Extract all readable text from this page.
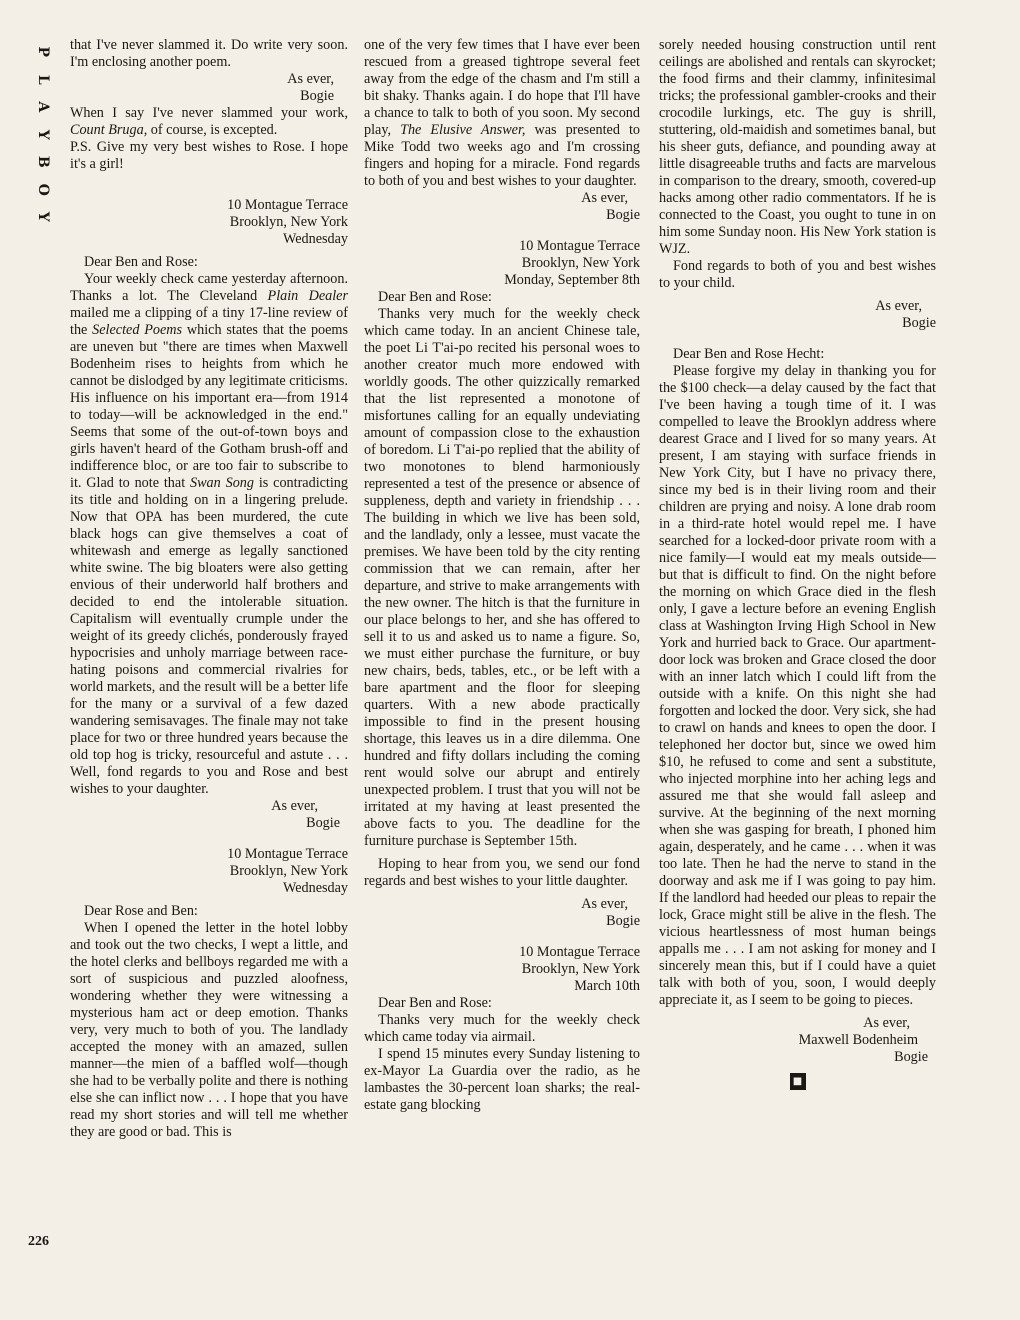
P
L
A
Y
B
O
Y
226

that I've never slammed it. Do write very soon. I'm enclosing another poem.

As ever,
Bogie

When I say I've never slammed your work, Count Bruga, of course, is excepted.

P.S. Give my very best wishes to Rose. I hope it's a girl!

10 Montague Terrace
Brooklyn, New York
Wednesday

Dear Ben and Rose:

Your weekly check came yesterday afternoon. Thanks a lot. The Cleveland Plain Dealer mailed me a clipping of a tiny 17-line review of the Selected Poems which states that the poems are uneven but "there are times when Maxwell Bodenheim rises to heights from which he cannot be dislodged by any legitimate criticisms. His influence on his important era—from 1914 to today—will be acknowledged in the end." Seems that some of the out-of-town boys and girls haven't heard of the Gotham brush-off and indifference bloc, or are too fair to subscribe to it. Glad to note that Swan Song is contradicting its title and holding on in a lingering prelude. Now that OPA has been murdered, the cute black hogs can give themselves a coat of whitewash and emerge as legally sanctioned white swine. The big bloaters were also getting envious of their underworld half brothers and decided to end the intolerable situation. Capitalism will eventually crumple under the weight of its greedy clichés, ponderously frayed hypocrisies and unholy marriage between race-hating poisons and commercial rivalries for world markets, and the result will be a better life for the many or a survival of a few dazed wandering semisavages. The finale may not take place for two or three hundred years because the old top hog is tricky, resourceful and astute . . . Well, fond regards to you and Rose and best wishes to your daughter.

As ever,
Bogie
10 Montague Terrace
Brooklyn, New York
Wednesday

Dear Rose and Ben:

When I opened the letter in the hotel lobby and took out the two checks, I wept a little, and the hotel clerks and bellboys regarded me with a sort of suspicious and puzzled aloofness, wondering whether they were witnessing a mysterious ham act or deep emotion. Thanks very, very much to both of you. The landlady accepted the money with an amazed, sullen manner—the mien of a baffled wolf—though she had to be verbally polite and there is nothing else she can inflict now . . . I hope that you have read my short stories and will tell me whether they are good or bad. This is

one of the very few times that I have ever been rescued from a greased tightrope several feet away from the edge of the chasm and I'm still a bit shaky. Thanks again. I do hope that I'll have a chance to talk to both of you soon. My second play, The Elusive Answer, was presented to Mike Todd two weeks ago and I'm crossing fingers and hoping for a miracle. Fond regards to both of you and best wishes to your daughter.

As ever,
Bogie
10 Montague Terrace
Brooklyn, New York
Monday, September 8th

Dear Ben and Rose:

Thanks very much for the weekly check which came today. In an ancient Chinese tale, the poet Li T'ai-po recited his personal woes to another creator much more endowed with worldly goods. The other quizzically remarked that the list represented a monotone of misfortunes calling for an equally undeviating amount of compassion close to the exhaustion of boredom. Li T'ai-po replied that the ability of two monotones to blend harmoniously represented a test of the presence or absence of suppleness, depth and variety in friendship . . . The building in which we live has been sold, and the landlady, only a lessee, must vacate the premises. We have been told by the city renting commission that we can remain, after her departure, and strive to make arrangements with the new owner. The hitch is that the furniture in our place belongs to her, and she has offered to sell it to us and asked us to name a figure. So, we must either purchase the furniture, or buy new chairs, beds, tables, etc., or be left with a bare apartment and the floor for sleeping quarters. With a new abode practically impossible to find in the present housing shortage, this leaves us in a dire dilemma. One hundred and fifty dollars including the coming rent would solve our abrupt and entirely unexpected problem. I trust that you will not be irritated at my having at least presented the above facts to you. The deadline for the furniture purchase is September 15th.

Hoping to hear from you, we send our fond regards and best wishes to your little daughter.

As ever,
Bogie
10 Montague Terrace
Brooklyn, New York
March 10th

Dear Ben and Rose:

Thanks very much for the weekly check which came today via airmail.

I spend 15 minutes every Sunday listening to ex-Mayor La Guardia over the radio, as he lambastes the 30-percent loan sharks; the real-estate gang blocking

sorely needed housing construction until rent ceilings are abolished and rentals can skyrocket; the food firms and their clammy, infinitesimal tricks; the professional gambler-crooks and their crocodile lurkings, etc. The guy is shrill, stuttering, old-maidish and sometimes banal, but his sheer guts, defiance, and pounding away at little disagreeable truths and facts are marvelous in comparison to the dreary, smooth, covered-up hacks among other radio commentators. If he is connected to the Coast, you ought to tune in on him some Sunday noon. His New York station is WJZ.

Fond regards to both of you and best wishes to your child.

As ever,
Bogie

Dear Ben and Rose Hecht:

Please forgive my delay in thanking you for the $100 check—a delay caused by the fact that I've been having a tough time of it. I was compelled to leave the Brooklyn address where dearest Grace and I lived for so many years. At present, I am staying with surface friends in New York City, but I have no privacy there, since my bed is in their living room and their children are prying and noisy. A lone drab room in a third-rate hotel would repel me. I have searched for a locked-door private room with a nice family—I would eat my meals outside—but that is difficult to find. On the night before the morning on which Grace died in the flesh only, I gave a lecture before an evening English class at Washington Irving High School in New York and hurried back to Grace. Our apartment-door lock was broken and Grace closed the door with an inner latch which I could lift from the outside with a knife. On this night she had forgotten and locked the door. Very sick, she had to crawl on hands and knees to open the door. I telephoned her doctor but, since we owed him $10, he refused to come and sent a substitute, who injected morphine into her aching legs and assured me that she would fall asleep and survive. At the beginning of the next morning when she was gasping for breath, I phoned him again, desperately, and he came . . . when it was too late. Then he had the nerve to stand in the doorway and ask me if I was going to pay him. If the landlord had heeded our pleas to repair the lock, Grace might still be alive in the flesh. The vicious heartlessness of most human beings appalls me . . . I am not asking for money and I sincerely mean this, but if I could have a quiet talk with both of you, soon, I would deeply appreciate it, as I seem to be going to pieces.

As ever,
Maxwell Bodenheim
Bogie
■
